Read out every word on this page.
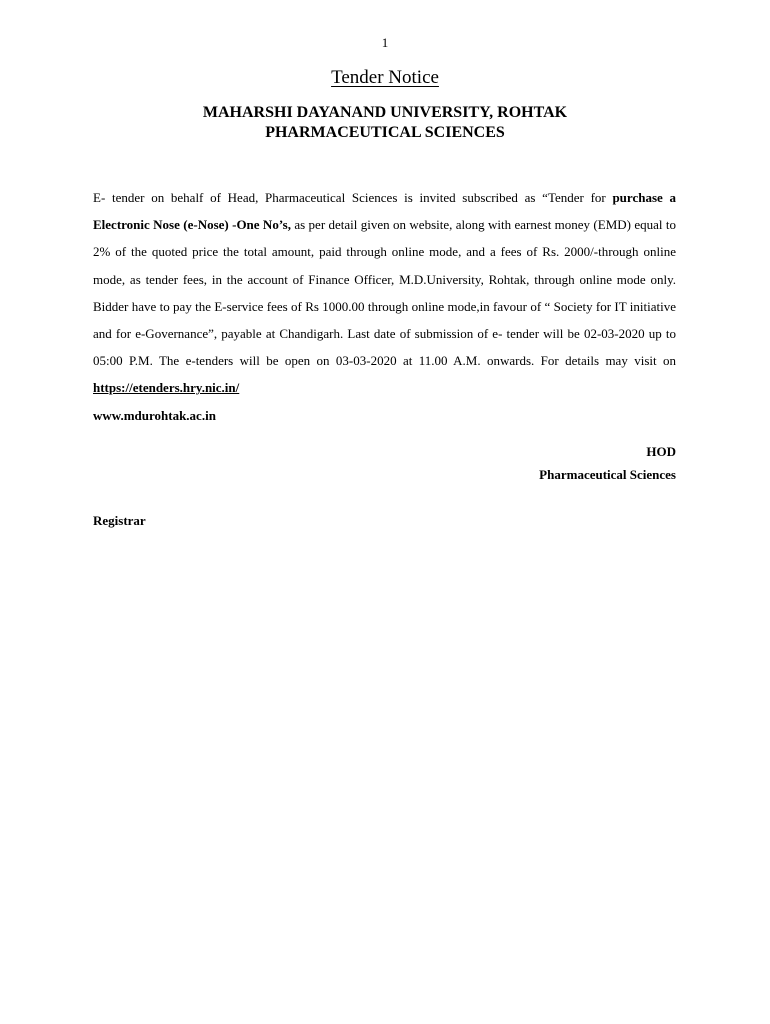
1
Tender Notice
MAHARSHI DAYANAND UNIVERSITY, ROHTAK
PHARMACEUTICAL SCIENCES
E- tender on behalf of Head, Pharmaceutical Sciences is invited subscribed as “Tender for purchase a Electronic Nose (e-Nose) -One No’s, as per detail given on website, along with earnest money (EMD) equal to 2% of the quoted price the total amount, paid through online mode, and a fees of Rs. 2000/-through online mode, as tender fees, in the account of Finance Officer, M.D.University, Rohtak, through online mode only. Bidder have to pay the E-service fees of Rs 1000.00 through online mode,in favour of “ Society for IT initiative and for e-Governance”, payable at Chandigarh. Last date of submission of e- tender will be 02-03-2020 up to 05:00 P.M. The e-tenders will be open on 03-03-2020 at 11.00 A.M. onwards. For details may visit on https://etenders.hry.nic.in/
www.mdurohtak.ac.in
HOD
Pharmaceutical Sciences
Registrar
